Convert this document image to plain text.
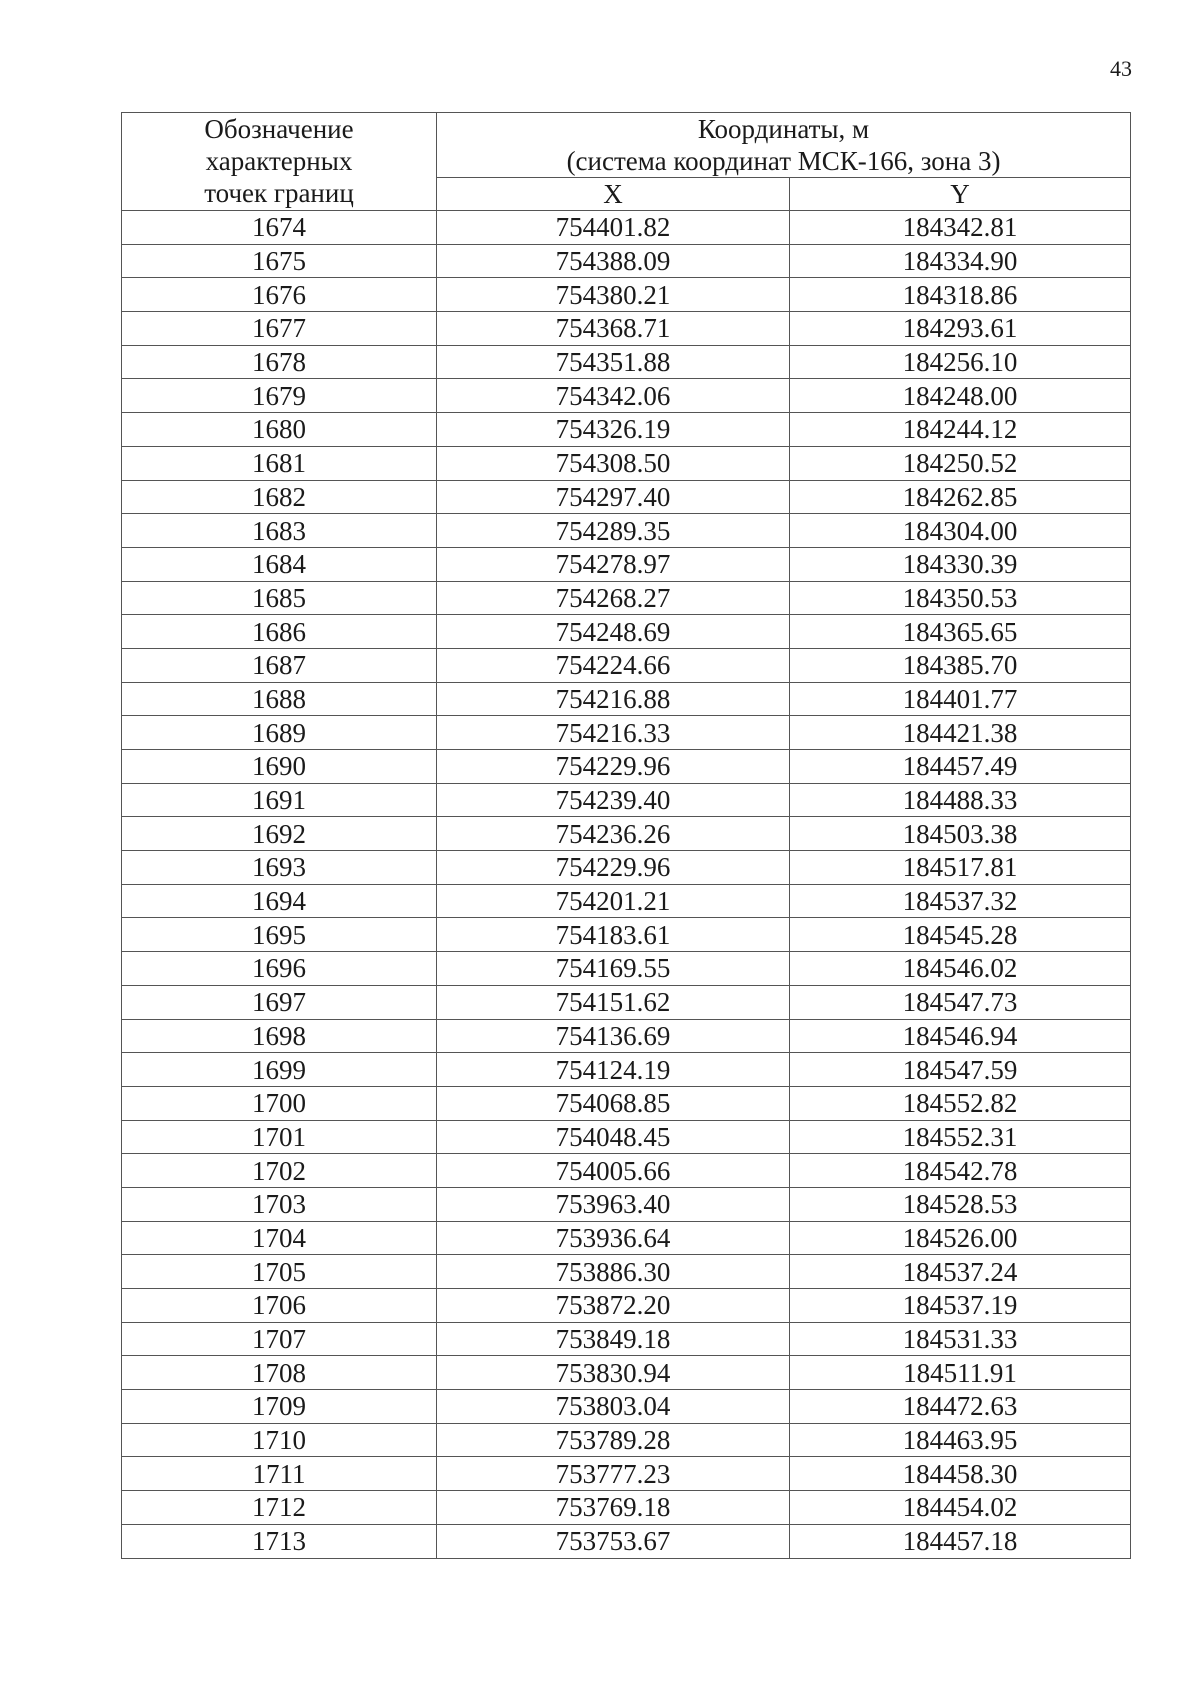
43
Обозначение
характерных
точек границ	Координаты, м
(система координат МСК-166, зона 3)	

	X	Y
1674	754401.82	184342.81
1675	754388.09	184334.90
1676	754380.21	184318.86
1677	754368.71	184293.61
1678	754351.88	184256.10
1679	754342.06	184248.00
1680	754326.19	184244.12
1681	754308.50	184250.52
1682	754297.40	184262.85
1683	754289.35	184304.00
1684	754278.97	184330.39
1685	754268.27	184350.53
1686	754248.69	184365.65
1687	754224.66	184385.70
1688	754216.88	184401.77
1689	754216.33	184421.38
1690	754229.96	184457.49
1691	754239.40	184488.33
1692	754236.26	184503.38
1693	754229.96	184517.81
1694	754201.21	184537.32
1695	754183.61	184545.28
1696	754169.55	184546.02
1697	754151.62	184547.73
1698	754136.69	184546.94
1699	754124.19	184547.59
1700	754068.85	184552.82
1701	754048.45	184552.31
1702	754005.66	184542.78
1703	753963.40	184528.53
1704	753936.64	184526.00
1705	753886.30	184537.24
1706	753872.20	184537.19
1707	753849.18	184531.33
1708	753830.94	184511.91
1709	753803.04	184472.63
1710	753789.28	184463.95
1711	753777.23	184458.30
1712	753769.18	184454.02
1713	753753.67	184457.18
